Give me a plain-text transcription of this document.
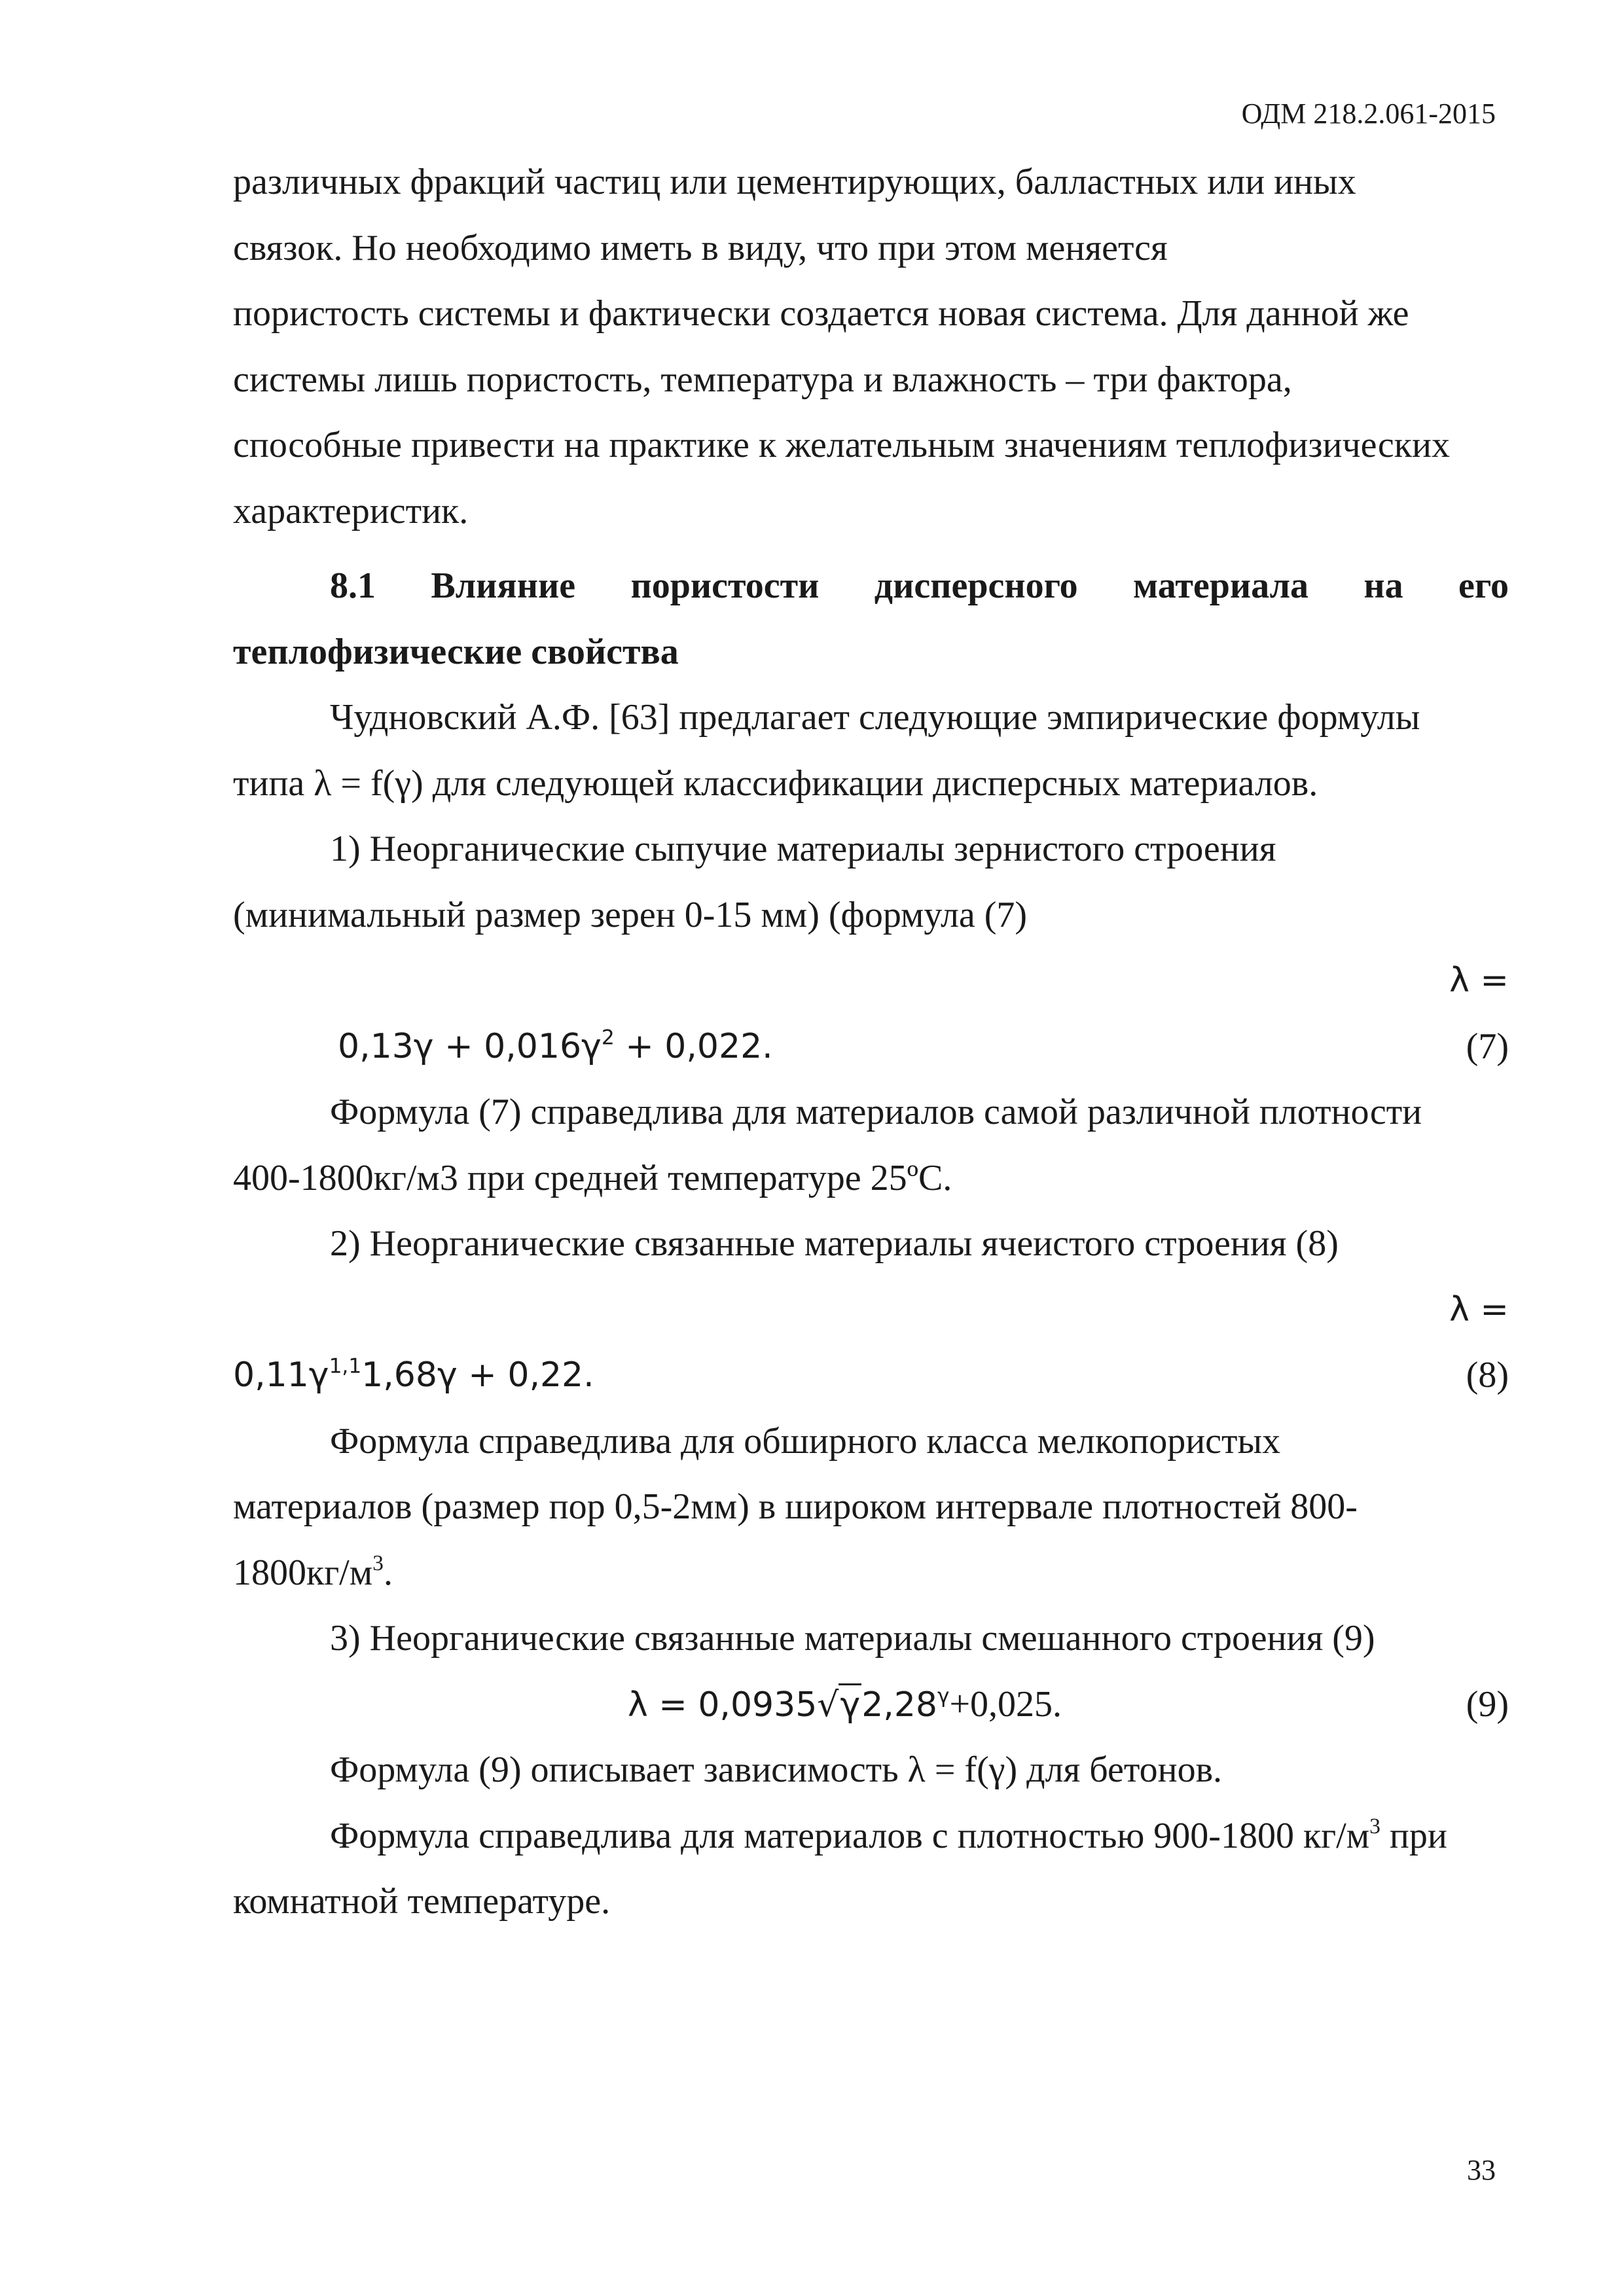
ОДМ 218.2.061-2015

различных фракций частиц или цементирующих, балластных или иных

связок. Но необходимо иметь в виду, что при этом меняется

пористость системы и фактически создается новая система. Для данной же

системы лишь пористость, температура и влажность – три фактора,

способные привести на практике к желательным значениям теплофизических

характеристик.

8.1 Влияние пористости дисперсного материала на его
теплофизические свойства

Чудновский А.Ф. [63] предлагает следующие эмпирические формулы

типа λ = f(γ) для следующей классификации дисперсных материалов.

1) Неорганические сыпучие материалы зернистого строения

(минимальный размер зерен 0-15 мм) (формула (7)

λ =
$0,13\gamma + 0,016\gamma^2 + 0,022$.	(7)

Формула (7) справедлива для материалов самой различной плотности

400-1800кг/м3 при средней температуре 25ºС.

2) Неорганические связанные материалы ячеистого строения (8)

λ =
$0,11\gamma^{1,1}1,68\gamma + 0,22$.	(8)

Формула справедлива для обширного класса мелкопористых

материалов (размер пор 0,5-2мм) в широком интервале плотностей 800-

$1800кг/м^3$.

3) Неорганические связанные материалы смешанного строения (9)

$\lambda = 0,0935√\gamma 2,28^\gamma+0,025$.	(9)

Формула (9) описывает зависимость λ = f(γ) для бетонов.

Формула справедлива для материалов с плотностью 900-1800 $кг/м^3$ при

комнатной температуре.

33
